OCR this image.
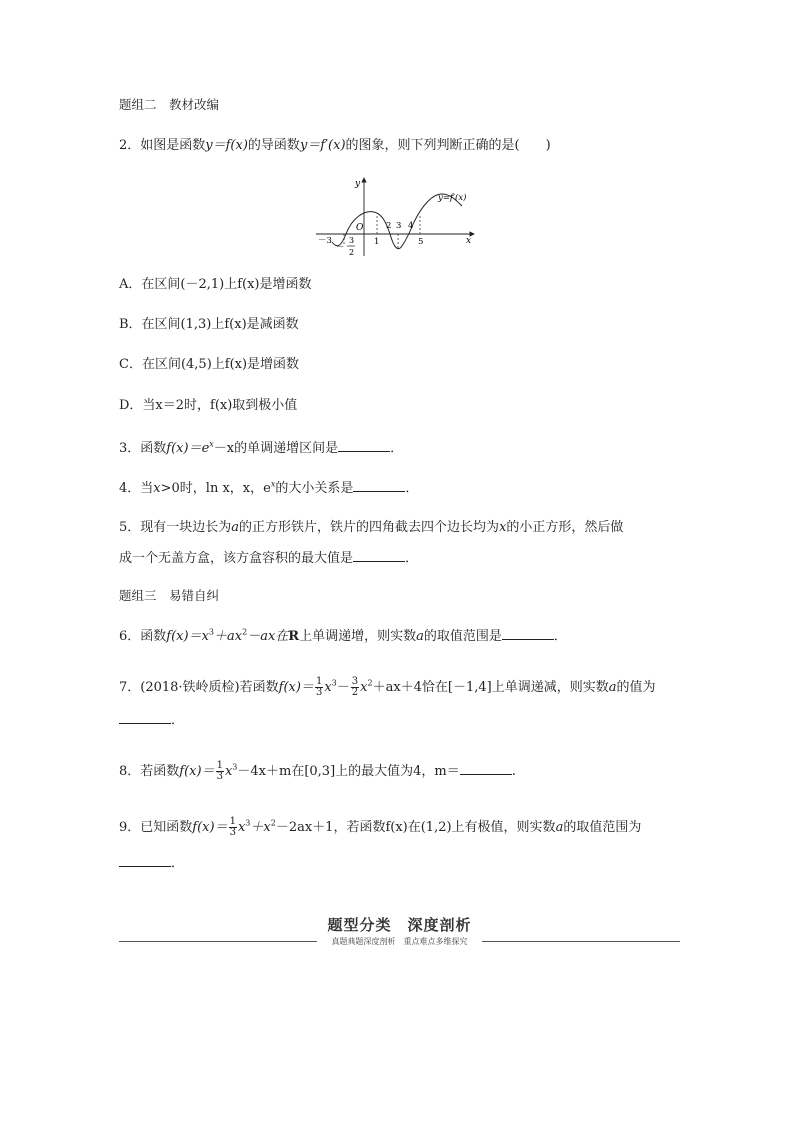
题组二　教材改编
2．如图是函数y＝f(x)的导函数y＝f′(x)的图象，则下列判断正确的是(　　)
y
x
O
－3	1
2 3 4
5
－
3
2
y=f′(x)
A．在区间(－2,1)上f(x)是增函数
B．在区间(1,3)上f(x)是减函数
C．在区间(4,5)上f(x)是增函数
D．当x＝2时，f(x)取到极小值
3．函数$f(x)=e^x-x$的单调递增区间是	．
4．当x>0时，ln x，x，$e^x$的大小关系是	．
5．现有一块边长为a的正方形铁片，铁片的四角截去四个边长均为x的小正方形，然后做
成一个无盖方盒，该方盒容积的最大值是	．
题组三　易错自纠
6．函数$f(x)=x^3+ax^2-ax$在R上单调递增，则实数a的取值范围是	．
7．(2018·铁岭质检)若函数$f(x)= \frac{1}{3} x^3- \frac{3}{2} x^2+ax+4$恰在[－1,4]上单调递减，则实数a的值为
．
8．若函数$f(x)= \frac{1}{3} x^3-4x+m$在[0,3]上的最大值为4，m＝	.
9．已知函数$f(x)= \frac{1}{3} x^3+x^2-2ax+1$，若函数f(x)在(1,2)上有极值，则实数a的取值范围为
．
题型分类　深度剖析
真题典题深度剖析　重点难点多维探究
